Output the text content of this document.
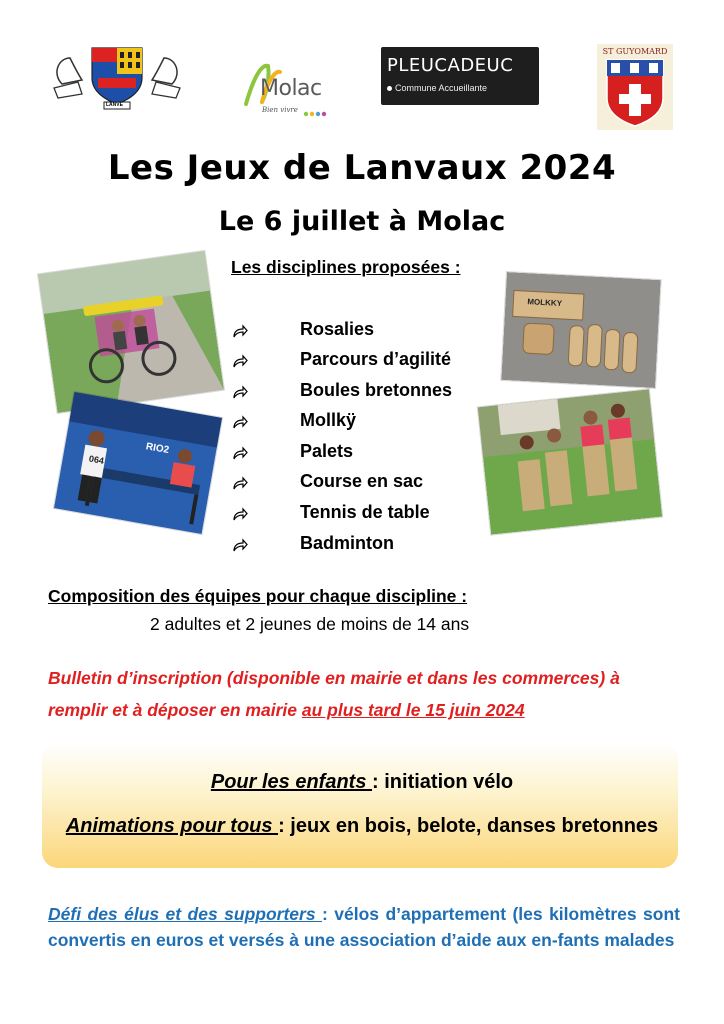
LANVE
Molac
Bien vivre
PLEUCADEUC
Commune Accueillante
ST GUYOMARD
Les Jeux de Lanvaux 2024
Le 6 juillet à Molac
Les disciplines proposées :
Rosalies
Parcours d’agilité
Boules bretonnes
Mollkÿ
Palets
Course en sac
Tennis de table
Badminton
064
RIO2
MOLKKY
Composition des équipes pour chaque discipline :
2 adultes et 2 jeunes de moins de 14 ans
Bulletin d’inscription (disponible en mairie et dans les commerces) à
remplir et à déposer en mairie au plus tard le 15 juin 2024
Pour les enfants : initiation vélo
Animations pour tous : jeux en bois, belote, danses bretonnes
Défi des élus et des supporters : vélos d’appartement (les kilomètres sont convertis en euros et versés à une association d’aide aux en-fants malades
